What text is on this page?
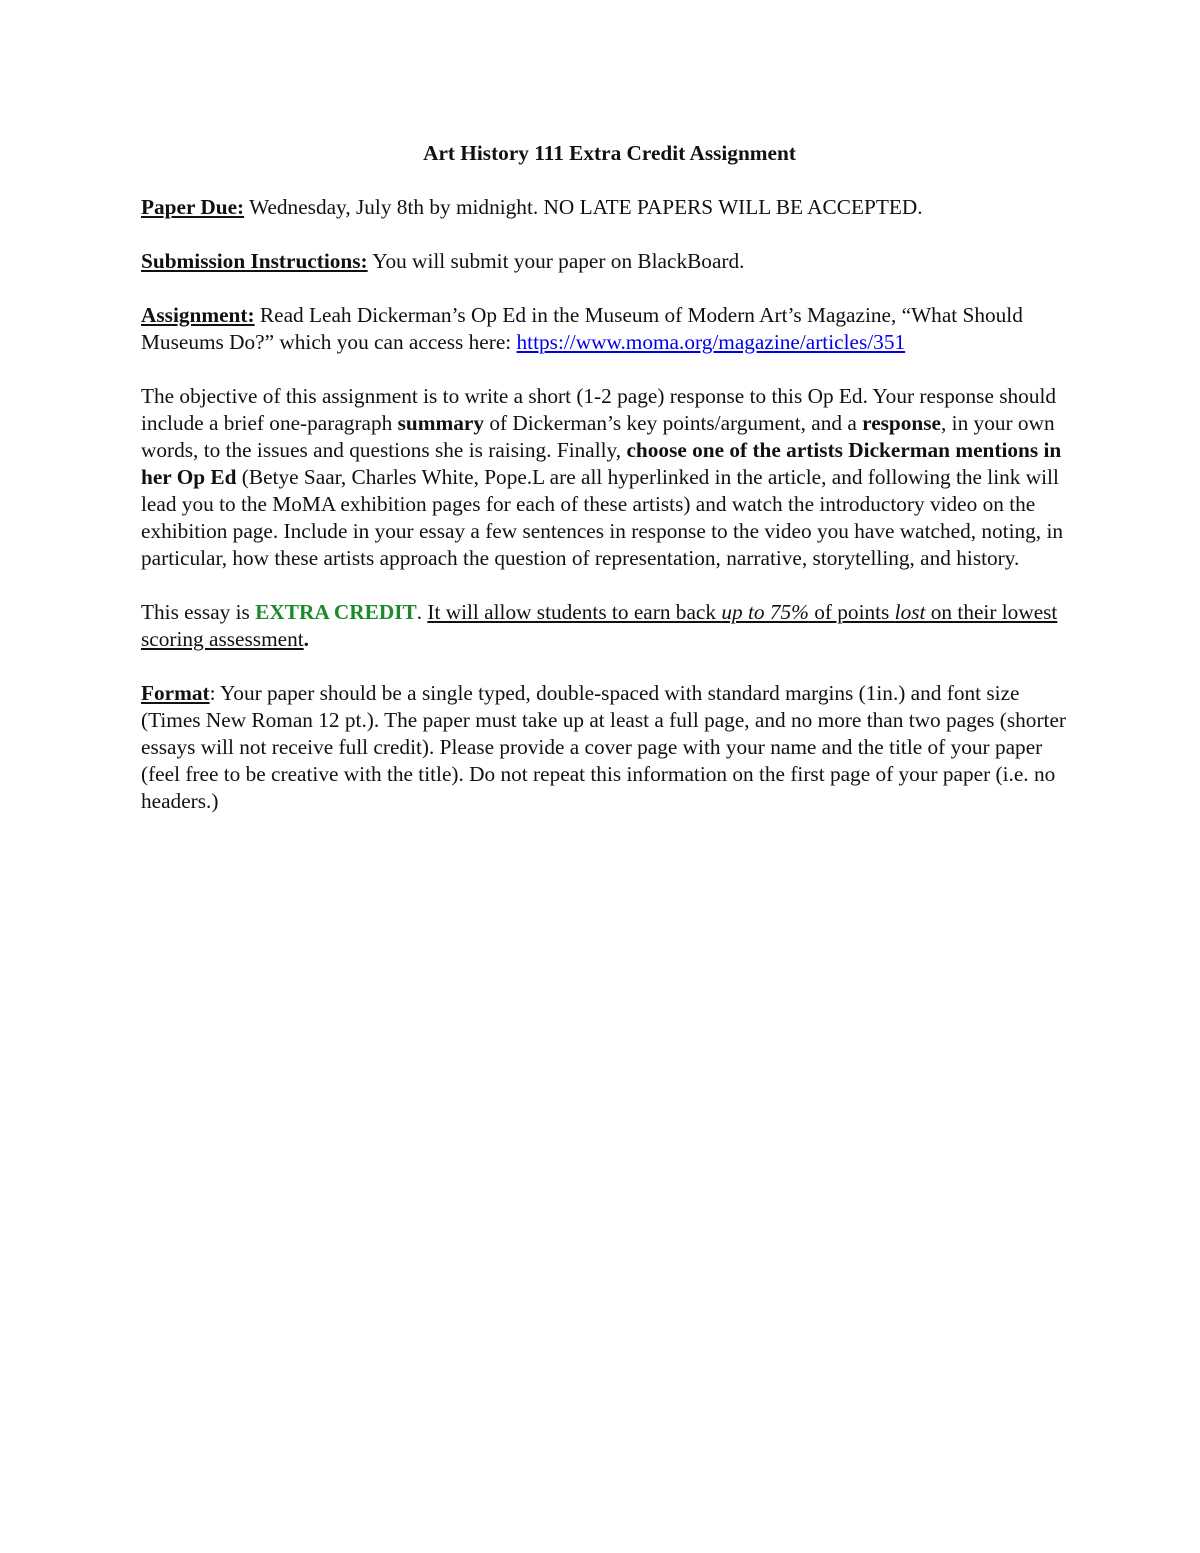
Art History 111 Extra Credit Assignment

Paper Due: Wednesday, July 8th by midnight. NO LATE PAPERS WILL BE ACCEPTED.

Submission Instructions: You will submit your paper on BlackBoard.

Assignment: Read Leah Dickerman’s Op Ed in the Museum of Modern Art’s Magazine, “What Should Museums Do?” which you can access here: https://www.moma.org/magazine/articles/351

The objective of this assignment is to write a short (1-2 page) response to this Op Ed. Your response should include a brief one-paragraph summary of Dickerman’s key points/argument, and a response, in your own words, to the issues and questions she is raising. Finally, choose one of the artists Dickerman mentions in her Op Ed (Betye Saar, Charles White, Pope.L are all hyperlinked in the article, and following the link will lead you to the MoMA exhibition pages for each of these artists) and watch the introductory video on the exhibition page. Include in your essay a few sentences in response to the video you have watched, noting, in particular, how these artists approach the question of representation, narrative, storytelling, and history.

This essay is EXTRA CREDIT. It will allow students to earn back up to 75% of points lost on their lowest scoring assessment.

Format: Your paper should be a single typed, double-spaced with standard margins (1in.) and font size (Times New Roman 12 pt.). The paper must take up at least a full page, and no more than two pages (shorter essays will not receive full credit). Please provide a cover page with your name and the title of your paper (feel free to be creative with the title). Do not repeat this information on the first page of your paper (i.e. no headers.)
